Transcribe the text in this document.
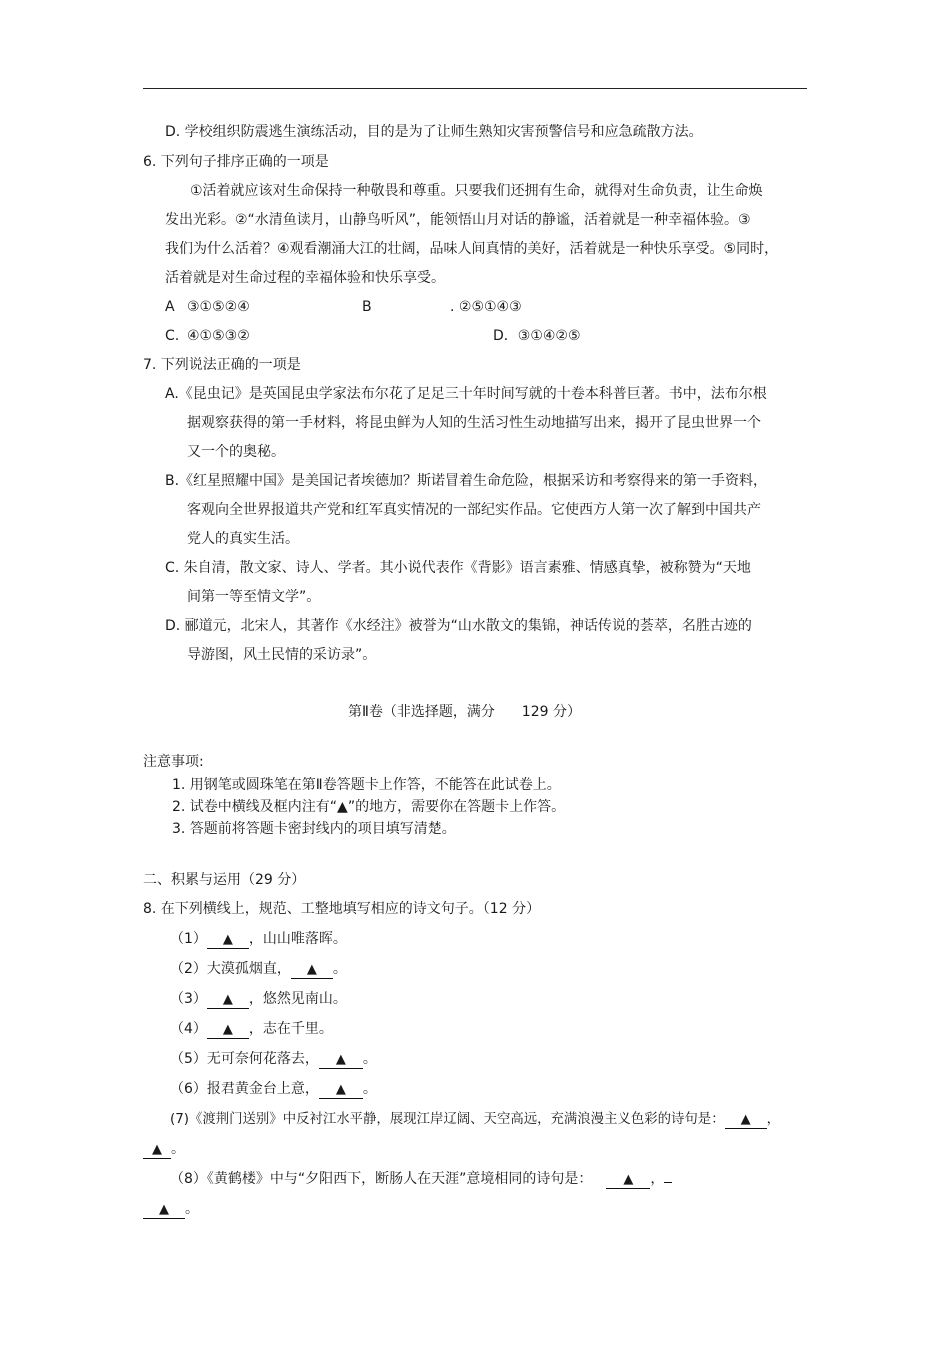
D. 学校组织防震逃生演练活动，目的是为了让师生熟知灾害预警信号和应急疏散方法。
6. 下列句子排序正确的一项是
①活着就应该对生命保持一种敬畏和尊重。只要我们还拥有生命，就得对生命负责，让生命焕
发出光彩。②“水清鱼读月，山静鸟听风”，能领悟山月对话的静谧，活着就是一种幸福体验。③
我们为什么活着？④观看潮涌大江的壮阔，品味人间真情的美好，活着就是一种快乐享受。⑤同时，
活着就是对生命过程的幸福体验和快乐享受。
A ③①⑤②④	B	. ②⑤①④③
C. ④①⑤③②	D．③①④②⑤
7. 下列说法正确的一项是
A.《昆虫记》是英国昆虫学家法布尔花了足足三十年时间写就的十卷本科普巨著。书中，法布尔根
据观察获得的第一手材料，将昆虫鲜为人知的生活习性生动地描写出来，揭开了昆虫世界一个
又一个的奥秘。
B.《红星照耀中国》是美国记者埃德加？斯诺冒着生命危险，根据采访和考察得来的第一手资料，
客观向全世界报道共产党和红军真实情况的一部纪实作品。它使西方人第一次了解到中国共产
党人的真实生活。
C. 朱自清，散文家、诗人、学者。其小说代表作《背影》语言素雅、情感真挚，被称赞为“天地
间第一等至情文学”。
D. 郦道元，北宋人，其著作《水经注》被誉为“山水散文的集锦，神话传说的荟萃，名胜古迹的
导游图，风土民情的采访录”。
第Ⅱ卷（非选择题，满分 129 分）
注意事项:
1. 用钢笔或圆珠笔在第Ⅱ卷答题卡上作答，不能答在此试卷上。
2. 试卷中横线及框内注有“▲”的地方，需要你在答题卡上作答。
3. 答题前将答题卡密封线内的项目填写清楚。
二、积累与运用（29 分）
8. 在下列横线上，规范、工整地填写相应的诗文句子。（12 分）
（1） ▲ ，山山唯落晖。
（2）大漠孤烟直， ▲ 。
（3） ▲ ，悠然见南山。
（4） ▲ ，志在千里。
（5）无可奈何花落去， ▲ 。
（6）报君黄金台上意， ▲ 。
(7)《渡荆门送别》中反衬江水平静，展现江岸辽阔、天空高远，充满浪漫主义色彩的诗句是： ▲ ，
▲ 。
（8）《黄鹤楼》中与“夕阳西下，断肠人在天涯”意境相同的诗句是： ▲ ，
▲ 。
